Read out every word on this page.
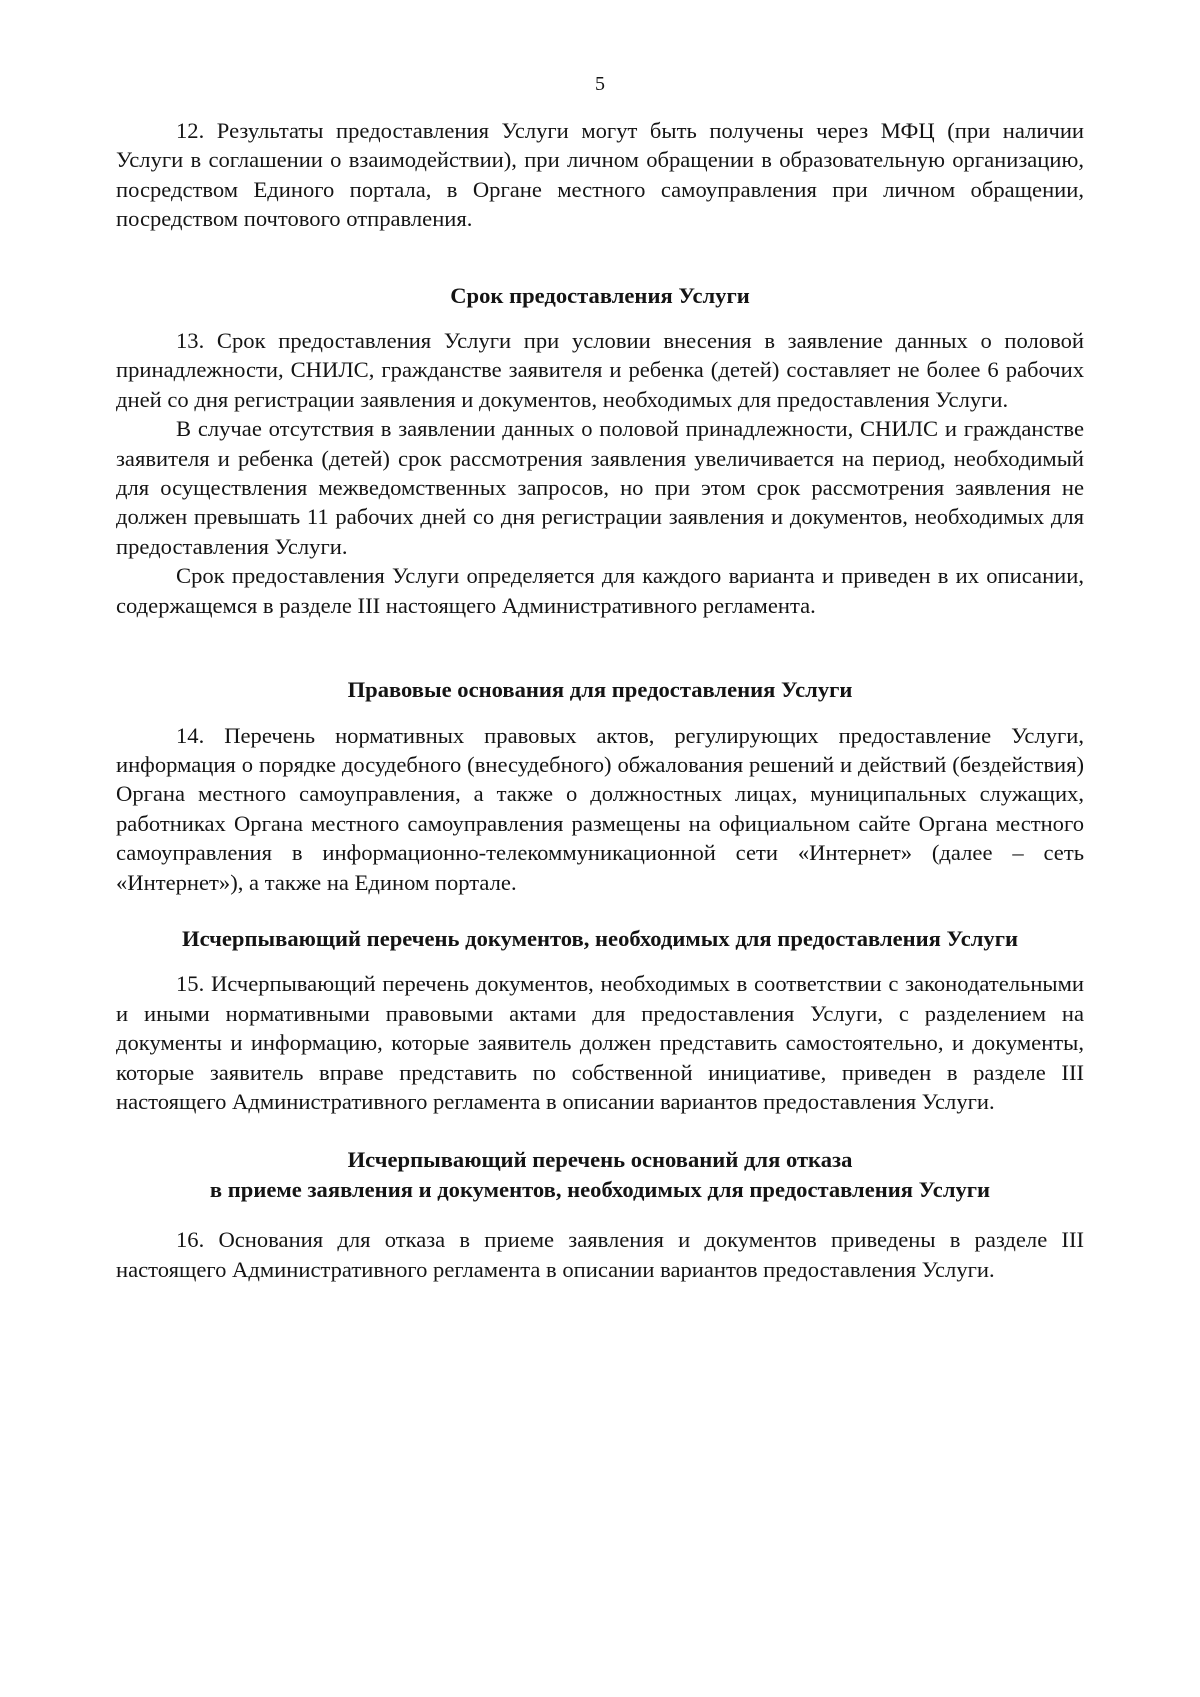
5

12. Результаты предоставления Услуги могут быть получены через МФЦ (при наличии Услуги в соглашении о взаимодействии), при личном обращении в образовательную организацию, посредством Единого портала, в Органе местного самоуправления при личном обращении, посредством почтового отправления.

Срок предоставления Услуги

13. Срок предоставления Услуги при условии внесения в заявление данных о половой принадлежности, СНИЛС, гражданстве заявителя и ребенка (детей) составляет не более 6 рабочих дней со дня регистрации заявления и документов, необходимых для предоставления Услуги.

В случае отсутствия в заявлении данных о половой принадлежности, СНИЛС и гражданстве заявителя и ребенка (детей) срок рассмотрения заявления увеличивается на период, необходимый для осуществления межведомственных запросов, но при этом срок рассмотрения заявления не должен превышать 11 рабочих дней со дня регистрации заявления и документов, необходимых для предоставления Услуги.

Срок предоставления Услуги определяется для каждого варианта и приведен в их описании, содержащемся в разделе III настоящего Административного регламента.

Правовые основания для предоставления Услуги

14. Перечень нормативных правовых актов, регулирующих предоставление Услуги, информация о порядке досудебного (внесудебного) обжалования решений и действий (бездействия) Органа местного самоуправления, а также о должностных лицах, муниципальных служащих, работниках Органа местного самоуправления размещены на официальном сайте Органа местного самоуправления в информационно-телекоммуникационной сети «Интернет» (далее – сеть «Интернет»), а также на Едином портале.

Исчерпывающий перечень документов, необходимых для предоставления Услуги

15. Исчерпывающий перечень документов, необходимых в соответствии с законодательными и иными нормативными правовыми актами для предоставления Услуги, с разделением на документы и информацию, которые заявитель должен представить самостоятельно, и документы, которые заявитель вправе представить по собственной инициативе, приведен в разделе III настоящего Административного регламента в описании вариантов предоставления Услуги.

Исчерпывающий перечень оснований для отказа
в приеме заявления и документов, необходимых для предоставления Услуги

16. Основания для отказа в приеме заявления и документов приведены в разделе III настоящего Административного регламента в описании вариантов предоставления Услуги.
